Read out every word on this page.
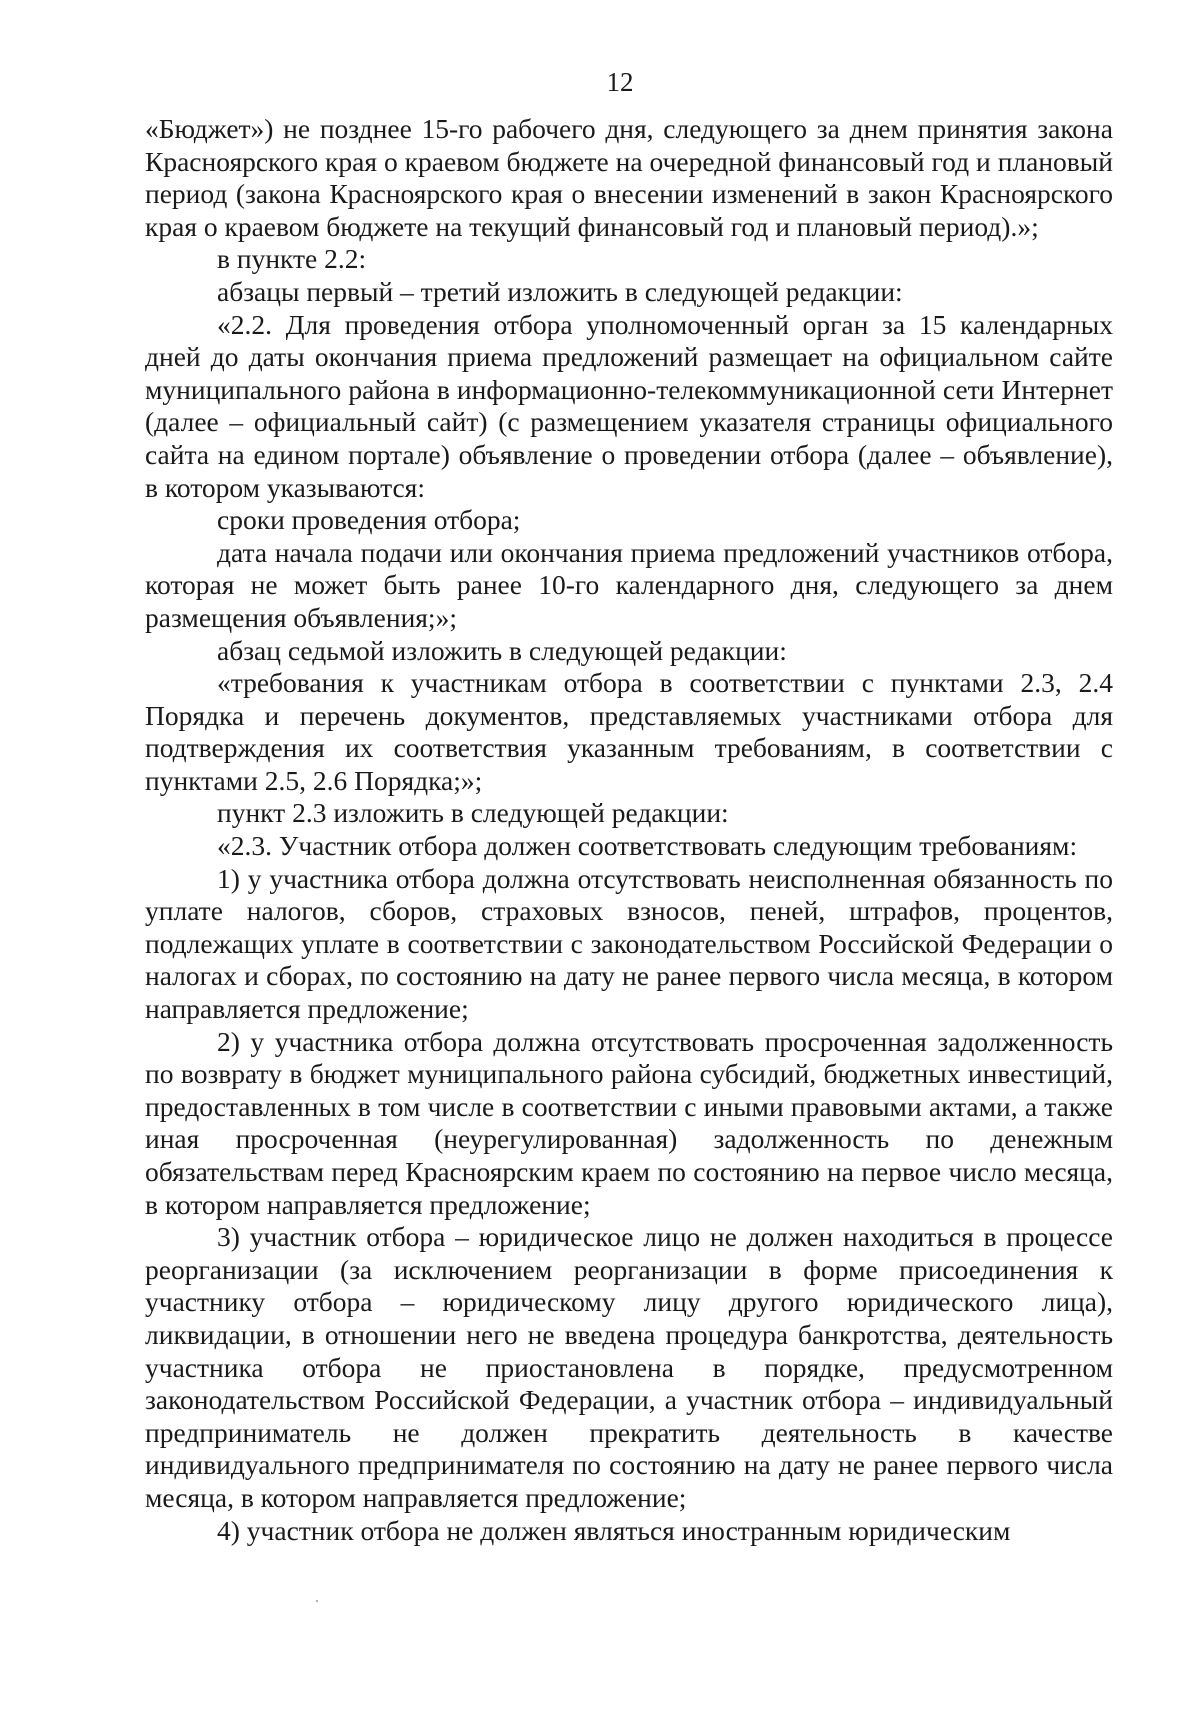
12

«Бюджет») не позднее 15-го рабочего дня, следующего за днем принятия закона Красноярского края о краевом бюджете на очередной финансовый год и плановый период (закона Красноярского края о внесении изменений в закон Красноярского края о краевом бюджете на текущий финансовый год и плановый период).»;

в пункте 2.2:

абзацы первый – третий изложить в следующей редакции:

«2.2. Для проведения отбора уполномоченный орган за 15 календарных дней до даты окончания приема предложений размещает на официальном сайте муниципального района в информационно-телекоммуникационной сети Интернет (далее – официальный сайт) (с размещением указателя страницы официального сайта на едином портале) объявление о проведении отбора (далее – объявление), в котором указываются:

сроки проведения отбора;

дата начала подачи или окончания приема предложений участников отбора, которая не может быть ранее 10-го календарного дня, следующего за днем размещения объявления;»;

абзац седьмой изложить в следующей редакции:

«требования к участникам отбора в соответствии с пунктами 2.3, 2.4 Порядка и перечень документов, представляемых участниками отбора для подтверждения их соответствия указанным требованиям, в соответствии с пунктами 2.5, 2.6 Порядка;»;

пункт 2.3 изложить в следующей редакции:

«2.3. Участник отбора должен соответствовать следующим требованиям:

1) у участника отбора должна отсутствовать неисполненная обязанность по уплате налогов, сборов, страховых взносов, пеней, штрафов, процентов, подлежащих уплате в соответствии с законодательством Российской Федерации о налогах и сборах, по состоянию на дату не ранее первого числа месяца, в котором направляется предложение;

2) у участника отбора должна отсутствовать просроченная задолженность по возврату в бюджет муниципального района субсидий, бюджетных инвестиций, предоставленных в том числе в соответствии с иными правовыми актами, а также иная просроченная (неурегулированная) задолженность по денежным обязательствам перед Красноярским краем по состоянию на первое число месяца, в котором направляется предложение;

3) участник отбора – юридическое лицо не должен находиться в процессе реорганизации (за исключением реорганизации в форме присоединения к участнику отбора – юридическому лицу другого юридического лица), ликвидации, в отношении него не введена процедура банкротства, деятельность участника отбора не приостановлена в порядке, предусмотренном законодательством Российской Федерации, а участник отбора – индивидуальный предприниматель не должен прекратить деятельность в качестве индивидуального предпринимателя по состоянию на дату не ранее первого числа месяца, в котором направляется предложение;

4) участник отбора не должен являться иностранным юридическим
